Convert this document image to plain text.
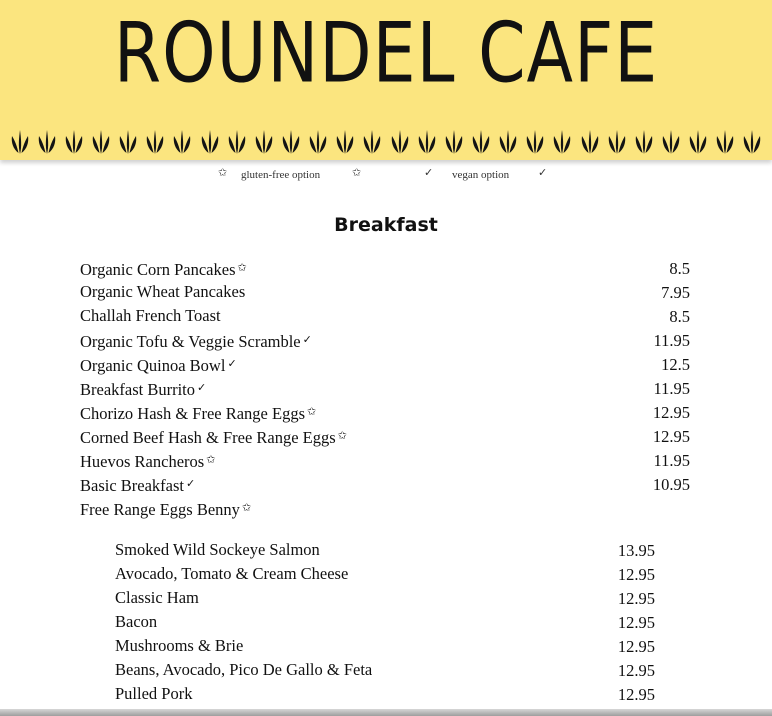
ROUNDEL CAFE
✩ gluten-free option	✩	✓ vegan option	✓
Breakfast
Organic Corn Pancakes ✩	8.5
Organic Wheat Pancakes	7.95
Challah French Toast	8.5
Organic Tofu & Veggie Scramble ✓	11.95
Organic Quinoa Bowl ✓	12.5
Breakfast Burrito ✓	11.95
Chorizo Hash & Free Range Eggs ✩	12.95
Corned Beef Hash & Free Range Eggs ✩	12.95
Huevos Rancheros ✩	11.95
Basic Breakfast ✓	10.95
Free Range Eggs Benny ✩
Smoked Wild Sockeye Salmon	13.95
Avocado, Tomato & Cream Cheese	12.95
Classic Ham	12.95
Bacon	12.95
Mushrooms & Brie	12.95
Beans, Avocado, Pico De Gallo & Feta	12.95
Pulled Pork	12.95
